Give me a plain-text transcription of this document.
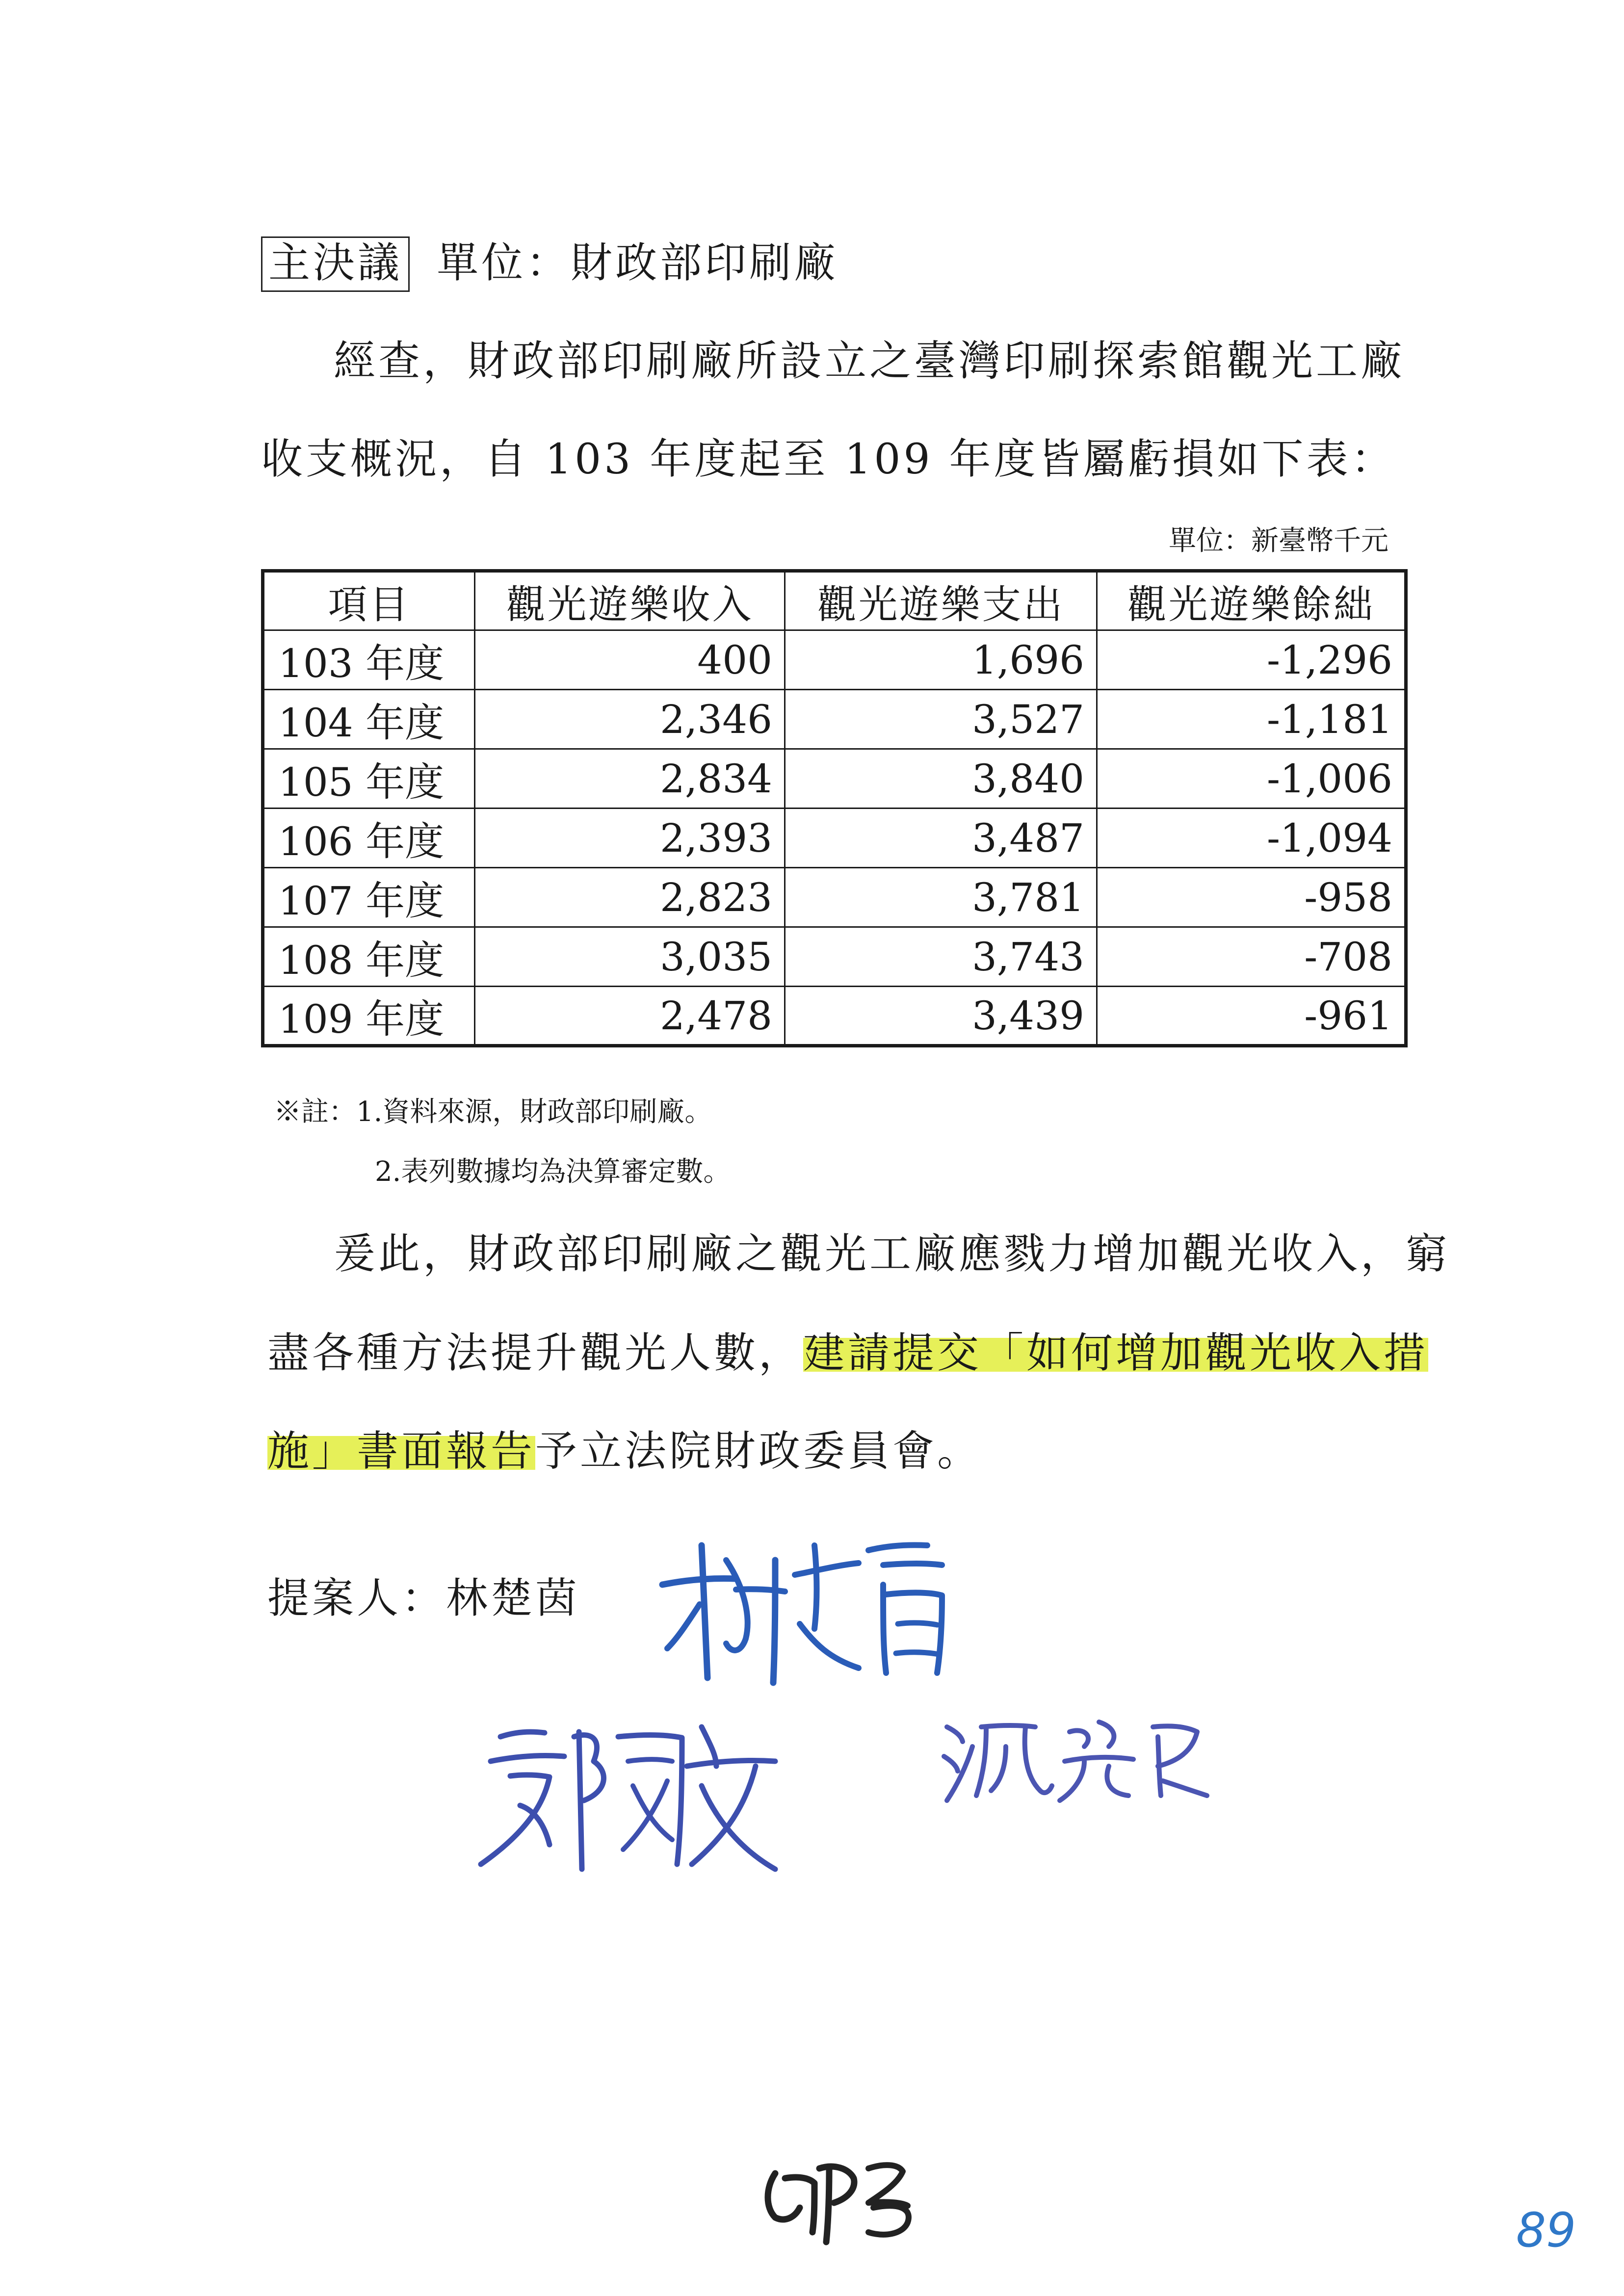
主決議 單位：財政部印刷廠
經查，財政部印刷廠所設立之臺灣印刷探索館觀光工廠
收支概況，自 103 年度起至 109 年度皆屬虧損如下表：
單位：新臺幣千元
項目	觀光遊樂收入	觀光遊樂支出	觀光遊樂餘絀
103 年度	400	1,696	-1,296
104 年度	2,346	3,527	-1,181
105 年度	2,834	3,840	-1,006
106 年度	2,393	3,487	-1,094
107 年度	2,823	3,781	-958
108 年度	3,035	3,743	-708
109 年度	2,478	3,439	-961
※註：1.資料來源，財政部印刷廠。
2.表列數據均為決算審定數。
爰此，財政部印刷廠之觀光工廠應戮力增加觀光收入，窮
盡各種方法提升觀光人數，建請提交「如何增加觀光收入措
施」書面報告予立法院財政委員會。
提案人：林楚茵
89
